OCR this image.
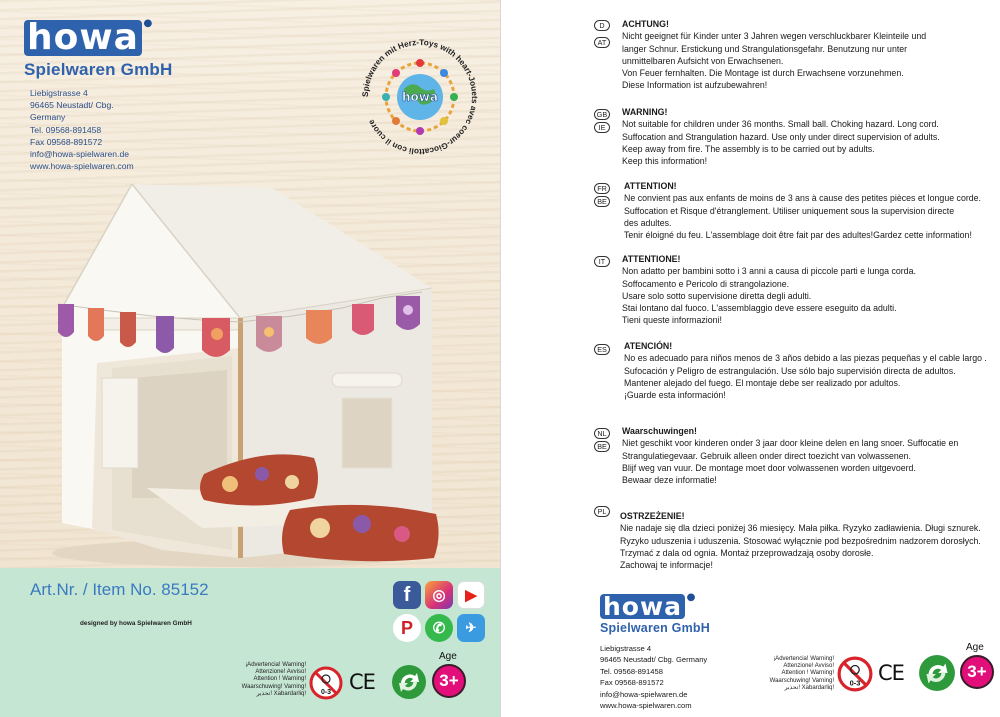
howa ®
Spielwaren GmbH
Liebigstrasse 4
96465 Neustadt/ Cbg.
Germany
Tel. 09568-891458
Fax 09568-891572
info@howa-spielwaren.de
www.howa-spielwaren.com
Spielwaren mit Herz-Toys with heart-Jouets avec coeur-Giocattoli con il cuore
howa
Art.Nr. / Item No. 85152
designed by howa Spielwaren GmbH
f	◎	▶
P	✆	✈
¡Advertencia! Warning!
Attenzione! Avviso!
Attention ! Warning!
Waarschuwing! Varning!
تحذير! Xabardarliq! 0-3 CE
Age
3+
D
AT
ACHTUNG!
Nicht geeignet für Kinder unter 3 Jahren wegen verschluckbarer Kleinteile und
langer Schnur. Erstickung und Strangulationsgefahr. Benutzung nur unter
unmittelbaren Aufsicht von Erwachsenen.
Von Feuer fernhalten. Die Montage ist durch Erwachsene vorzunehmen.
Diese Information ist aufzubewahren!
GB
IE
WARNING!
Not suitable for children under 36 months. Small ball. Choking hazard. Long cord.
Suffocation and Strangulation hazard. Use only under direct supervision of adults.
Keep away from fire. The assembly is to be carried out by adults.
Keep this information!
FR
BE
ATTENTION!
Ne convient pas aux enfants de moins de 3 ans à cause des petites pièces et longue corde.
Suffocation et Risque d'étranglement. Utiliser uniquement sous la supervision directe
des adultes.
Tenir éloigné du feu. L'assemblage doit être fait par des adultes!Gardez cette information!
IT	ATTENTIONE!
Non adatto per bambini sotto i 3 anni a causa di piccole parti e lunga corda.
Soffocamento e Pericolo di strangolazione.
Usare solo sotto supervisione diretta degli adulti.
Stai lontano dal fuoco. L'assemblaggio deve essere eseguito da adulti.
Tieni queste informazioni!
ES	ATENCIÓN!
No es adecuado para niños menos de 3 años debido a las piezas pequeñas y el cable largo .
Sufocación y Peligro de estrangulación. Use sólo bajo supervisión directa de adultos.
Mantener alejado del fuego. El montaje debe ser realizado por adultos.
¡Guarde esta información!
NL
BE
Waarschuwingen!
Niet geschikt voor kinderen onder 3 jaar door kleine delen en lang snoer. Suffocatie en
Strangulatiegevaar. Gebruik alleen onder direct toezicht van volwassenen.
Blijf weg van vuur. De montage moet door volwassenen worden uitgevoerd.
Bewaar deze informatie!
PL	OSTRZEŻENIE!
Nie nadaje się dla dzieci poniżej 36 miesięcy. Mała piłka. Ryzyko zadławienia. Długi sznurek.
Ryzyko uduszenia i uduszenia. Stosować wyłącznie pod bezpośrednim nadzorem dorosłych.
Trzymać z dala od ognia. Montaż przeprowadzają osoby dorosłe.
Zachowaj te informacje!
howa ®
Spielwaren GmbH
Liebigstrasse 4
96465 Neustadt/ Cbg. Germany
Tel. 09568-891458
Fax 09568-891572
info@howa-spielwaren.de
www.howa-spielwaren.com
¡Advertencia! Warning!
Attenzione! Avviso!
Attention ! Warning!
Waarschuwing! Varning!
تحذير! Xabardarliq!
0-3 CE
Age
3+
